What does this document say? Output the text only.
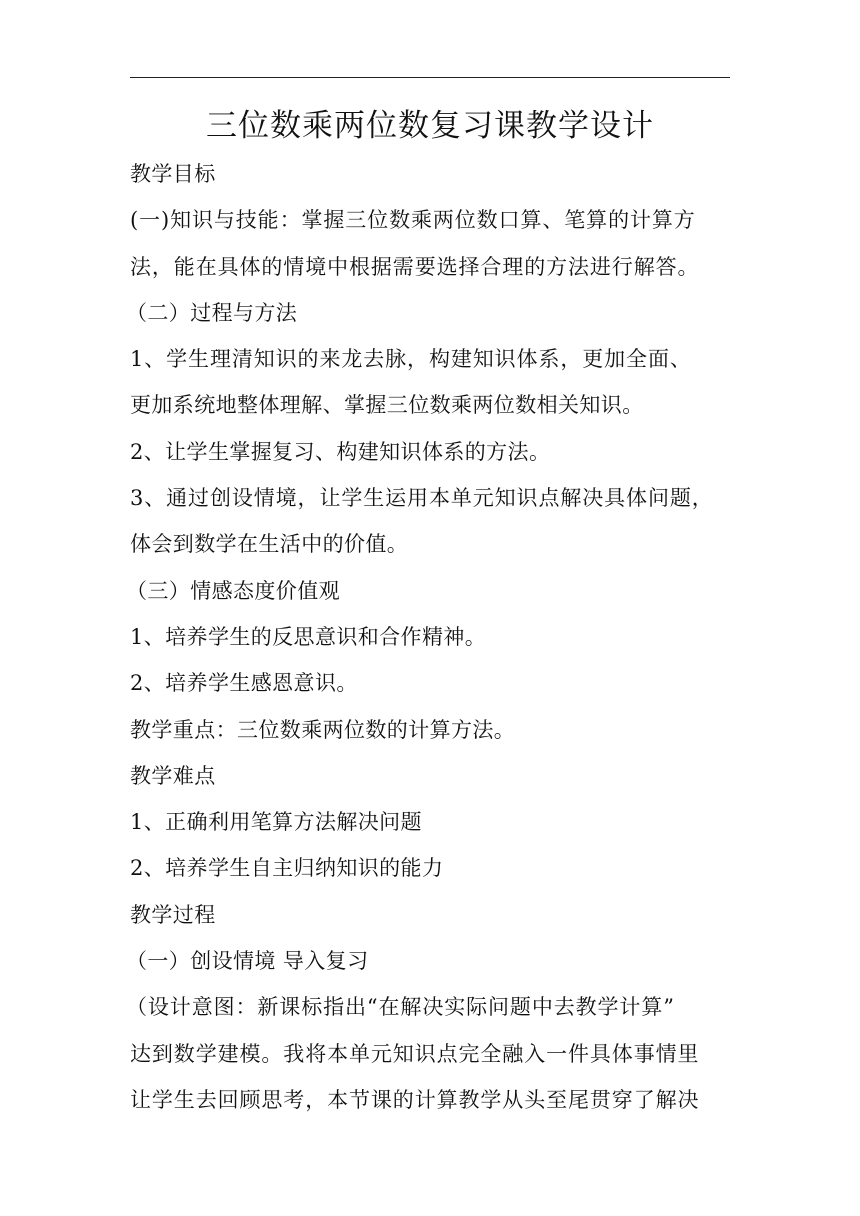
三位数乘两位数复习课教学设计
教学目标
(一)知识与技能：掌握三位数乘两位数口算、笔算的计算方
法，能在具体的情境中根据需要选择合理的方法进行解答。
（二）过程与方法
1、学生理清知识的来龙去脉，构建知识体系，更加全面、
更加系统地整体理解、掌握三位数乘两位数相关知识。
2、让学生掌握复习、构建知识体系的方法。
3、通过创设情境，让学生运用本单元知识点解决具体问题，
体会到数学在生活中的价值。
（三）情感态度价值观
1、培养学生的反思意识和合作精神。
2、培养学生感恩意识。
教学重点：三位数乘两位数的计算方法。
教学难点
1、正确利用笔算方法解决问题
2、培养学生自主归纳知识的能力
教学过程
（一）创设情境 导入复习
（设计意图：新课标指出“在解决实际问题中去教学计算”
达到数学建模。我将本单元知识点完全融入一件具体事情里
让学生去回顾思考，本节课的计算教学从头至尾贯穿了解决
